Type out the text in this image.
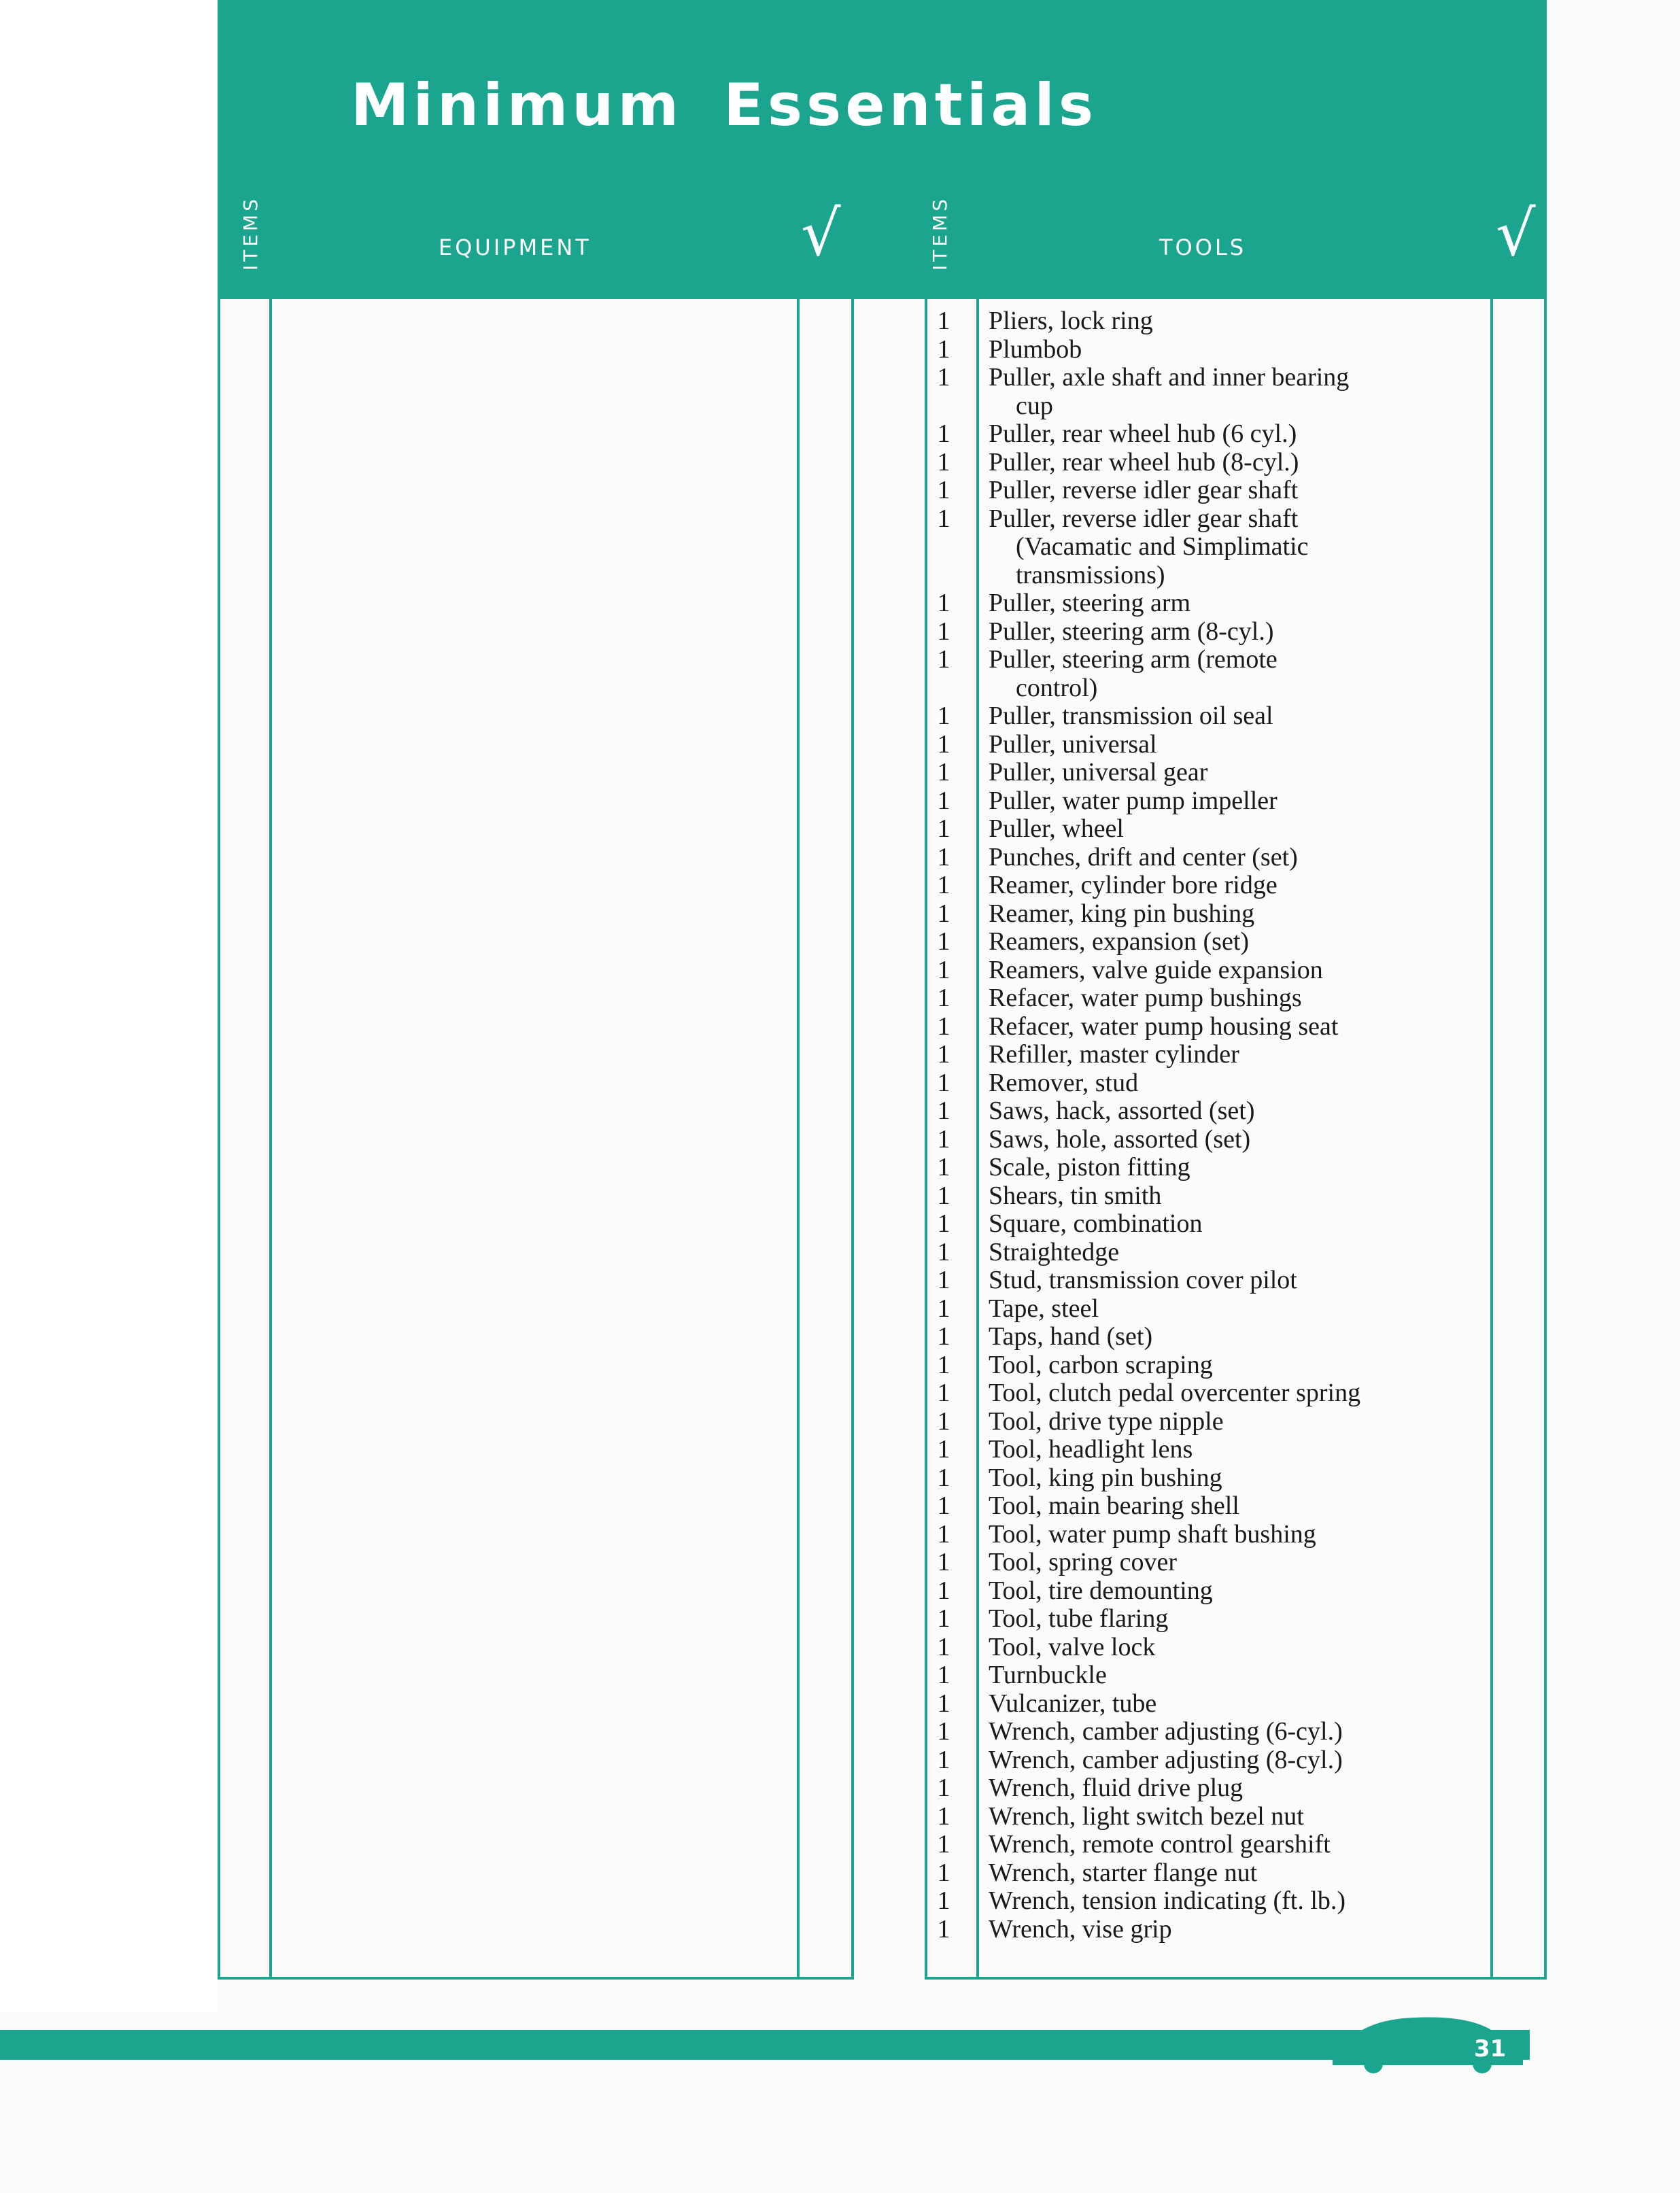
Minimum Essentials
ITEMS	EQUIPMENT	√	ITEMS	TOOLS	√
1	Pliers, lock ring
1	Plumbob
1	Puller, axle shaft and inner bearing
cup
1	Puller, rear wheel hub (6 cyl.)
1	Puller, rear wheel hub (8-cyl.)
1	Puller, reverse idler gear shaft
1	Puller, reverse idler gear shaft
(Vacamatic and Simplimatic
transmissions)
1	Puller, steering arm
1	Puller, steering arm (8-cyl.)
1	Puller, steering arm (remote
control)
1	Puller, transmission oil seal
1	Puller, universal
1	Puller, universal gear
1	Puller, water pump impeller
1	Puller, wheel
1	Punches, drift and center (set)
1	Reamer, cylinder bore ridge
1	Reamer, king pin bushing
1	Reamers, expansion (set)
1	Reamers, valve guide expansion
1	Refacer, water pump bushings
1	Refacer, water pump housing seat
1	Refiller, master cylinder
1	Remover, stud
1	Saws, hack, assorted (set)
1	Saws, hole, assorted (set)
1	Scale, piston fitting
1	Shears, tin smith
1	Square, combination
1	Straightedge
1	Stud, transmission cover pilot
1	Tape, steel
1	Taps, hand (set)
1	Tool, carbon scraping
1	Tool, clutch pedal overcenter spring
1	Tool, drive type nipple
1	Tool, headlight lens
1	Tool, king pin bushing
1	Tool, main bearing shell
1	Tool, water pump shaft bushing
1	Tool, spring cover
1	Tool, tire demounting
1	Tool, tube flaring
1	Tool, valve lock
1	Turnbuckle
1	Vulcanizer, tube
1	Wrench, camber adjusting (6-cyl.)
1	Wrench, camber adjusting (8-cyl.)
1	Wrench, fluid drive plug
1	Wrench, light switch bezel nut
1	Wrench, remote control gearshift
1	Wrench, starter flange nut
1	Wrench, tension indicating (ft. lb.)
1	Wrench, vise grip
31
